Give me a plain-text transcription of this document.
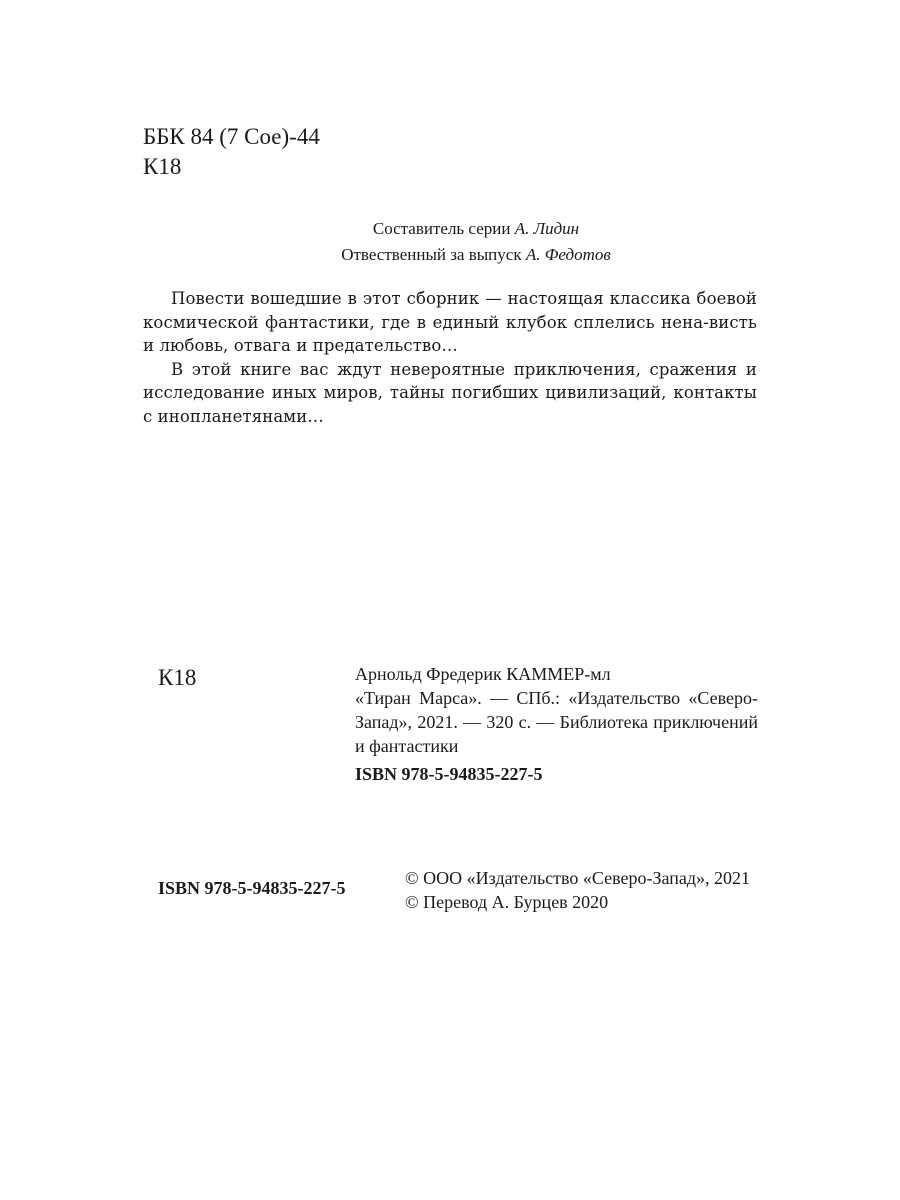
ББК 84 (7 Сое)-44
К18
Составитель серии А. Лидин
Отвественный за выпуск А. Федотов

Повести вошедшие в этот сборник — настоящая классика боевой космической фантастики, где в единый клубок сплелись нена-висть и любовь, отвага и предательство…

В этой книге вас ждут невероятные приключения, сражения и исследование иных миров, тайны погибших цивилизаций, контакты с инопланетянами…

К18	Арнольд Фредерик КАММЕР-мл

«Тиран Марса». — СПб.: «Издательство «Северо-Запад», 2021. — 320 с. — Библиотека приключений и фантастики

ISBN 978-5-94835-227-5

ISBN 978-5-94835-227-5	© ООО «Издательство «Северо-Запад», 2021
© Перевод А. Бурцев 2020
